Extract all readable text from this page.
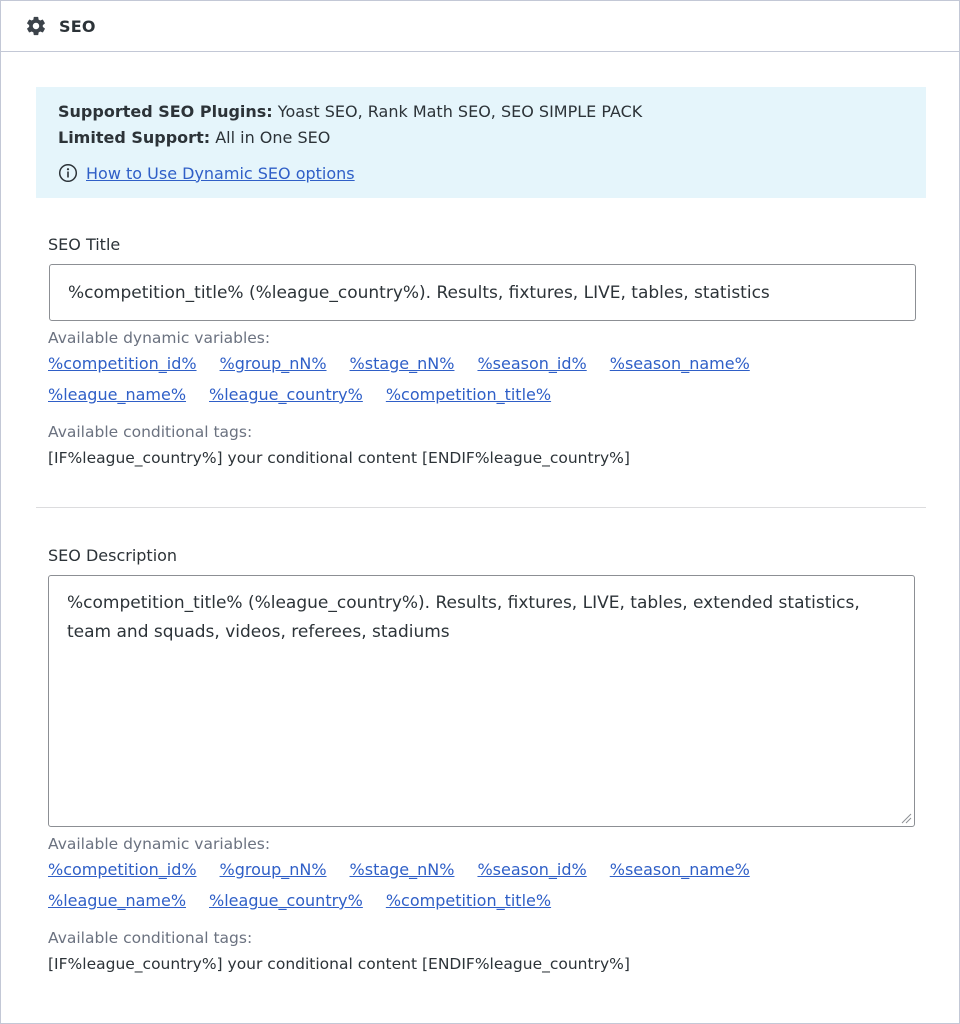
SEO
Supported SEO Plugins: Yoast SEO, Rank Math SEO, SEO SIMPLE PACK
Limited Support: All in One SEO
How to Use Dynamic SEO options
SEO Title
%competition_title% (%league_country%). Results, fixtures, LIVE, tables, statistics
Available dynamic variables:
%competition_id% %group_nN% %stage_nN% %season_id% %season_name%
%league_name% %league_country% %competition_title%
Available conditional tags:
[IF%league_country%] your conditional content [ENDIF%league_country%]
SEO Description
%competition_title% (%league_country%). Results, fixtures, LIVE, tables, extended statistics,
team and squads, videos, referees, stadiums
Available dynamic variables:
%competition_id% %group_nN% %stage_nN% %season_id% %season_name%
%league_name% %league_country% %competition_title%
Available conditional tags:
[IF%league_country%] your conditional content [ENDIF%league_country%]
